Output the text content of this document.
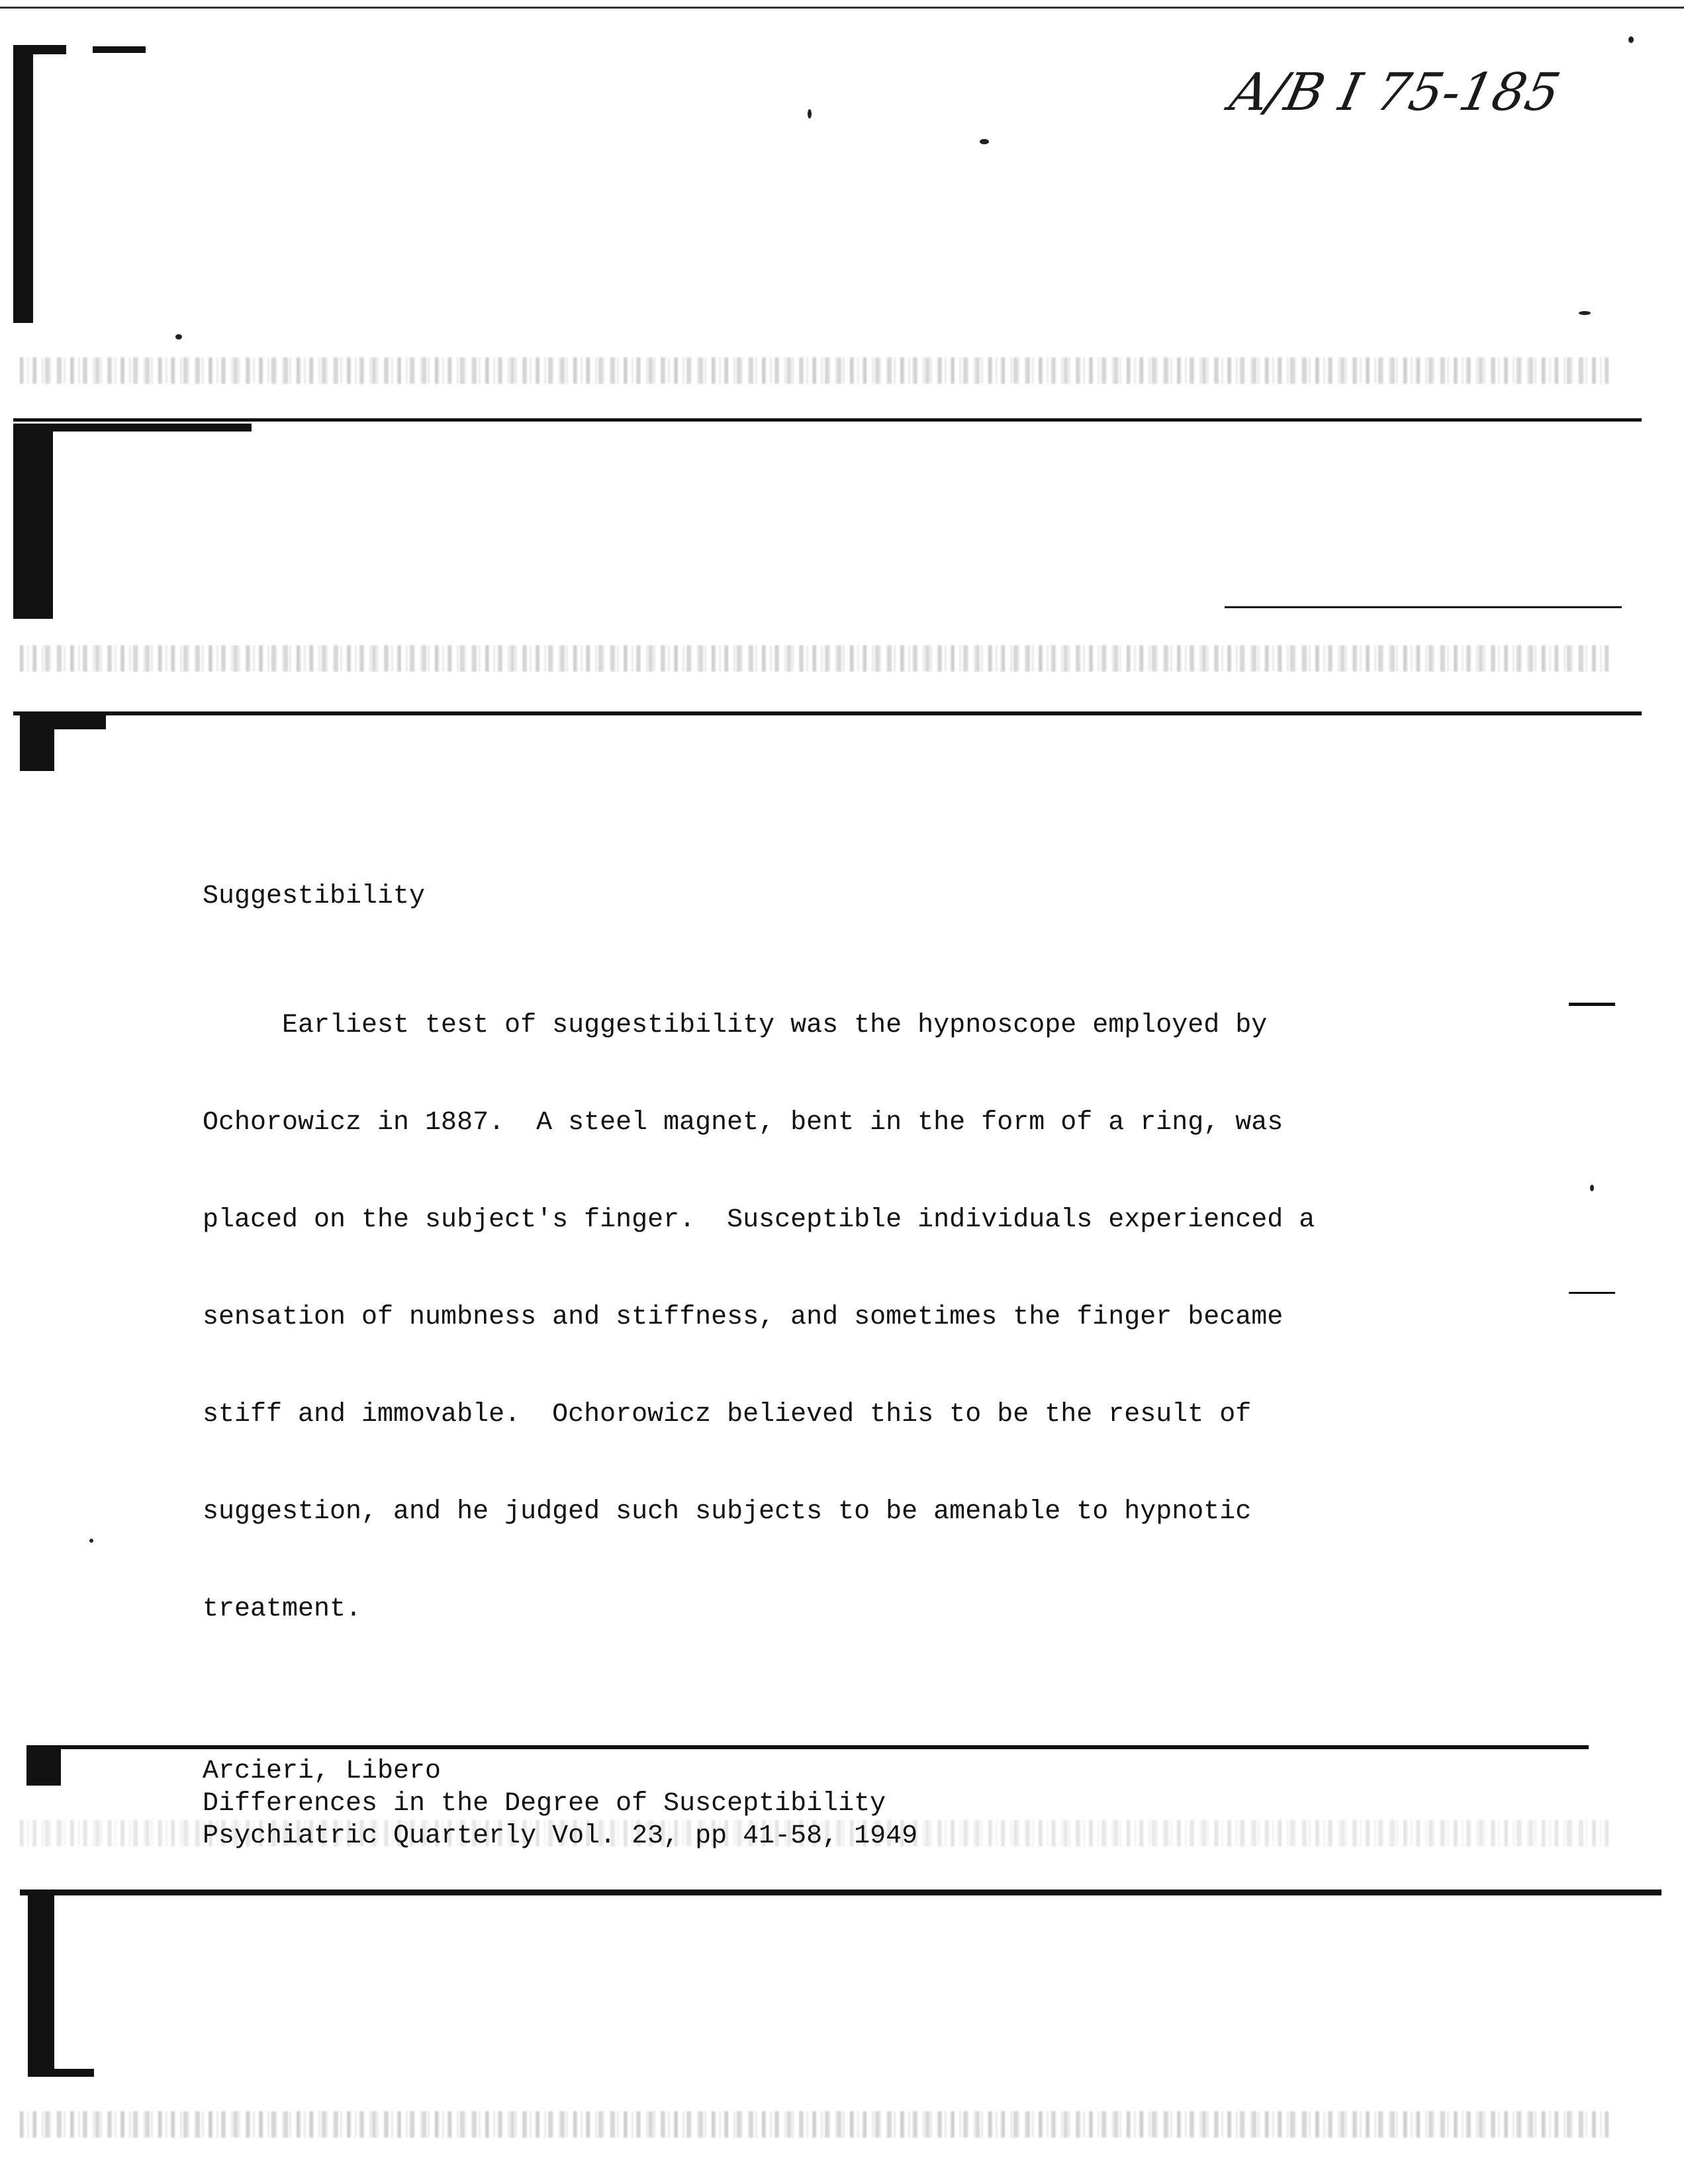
A/B I 75-185
Suggestibility

Earliest test of suggestibility was the hypnoscope employed by

Ochorowicz in 1887.  A steel magnet, bent in the form of a ring, was

placed on the subject's finger.  Susceptible individuals experienced a

sensation of numbness and stiffness, and sometimes the finger became

stiff and immovable.  Ochorowicz believed this to be the result of

suggestion, and he judged such subjects to be amenable to hypnotic

treatment.

Arcieri, Libero
Differences in the Degree of Susceptibility
Psychiatric Quarterly Vol. 23, pp 41-58, 1949
